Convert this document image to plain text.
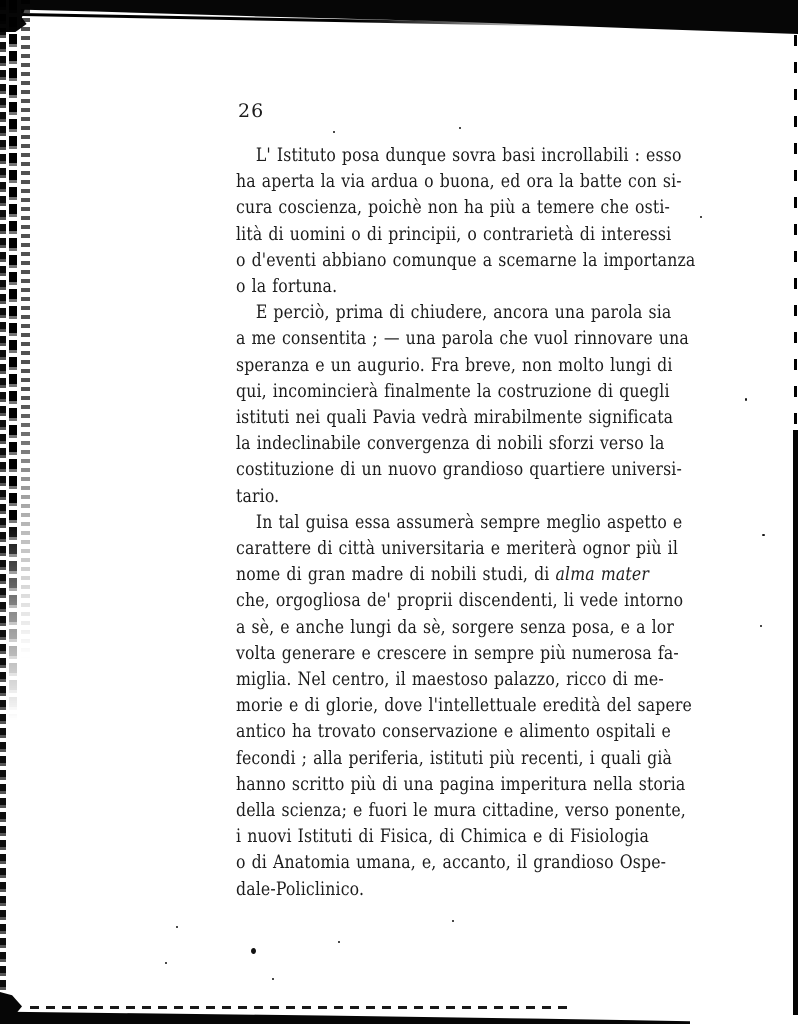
26
L' Istituto posa dunque sovra basi incrollabili : esso
ha aperta la via ardua o buona, ed ora la batte con si-
cura coscienza, poichè non ha più a temere che osti-
lità di uomini o di principii, o contrarietà di interessi
o d'eventi abbiano comunque a scemarne la importanza
o la fortuna.
E perciò, prima di chiudere, ancora una parola sia
a me consentita ; — una parola che vuol rinnovare una
speranza e un augurio. Fra breve, non molto lungi di
qui, incomincierà finalmente la costruzione di quegli
istituti nei quali Pavia vedrà mirabilmente significata
la indeclinabile convergenza di nobili sforzi verso la
costituzione di un nuovo grandioso quartiere universi-
tario.
In tal guisa essa assumerà sempre meglio aspetto e
carattere di città universitaria e meriterà ognor più il
nome di gran madre di nobili studi, di alma mater
che, orgogliosa de' proprii discendenti, li vede intorno
a sè, e anche lungi da sè, sorgere senza posa, e a lor
volta generare e crescere in sempre più numerosa fa-
miglia. Nel centro, il maestoso palazzo, ricco di me-
morie e di glorie, dove l'intellettuale eredità del sapere
antico ha trovato conservazione e alimento ospitali e
fecondi ; alla periferia, istituti più recenti, i quali già
hanno scritto più di una pagina imperitura nella storia
della scienza; e fuori le mura cittadine, verso ponente,
i nuovi Istituti di Fisica, di Chimica e di Fisiologia
o di Anatomia umana, e, accanto, il grandioso Ospe-
dale-Policlinico.
